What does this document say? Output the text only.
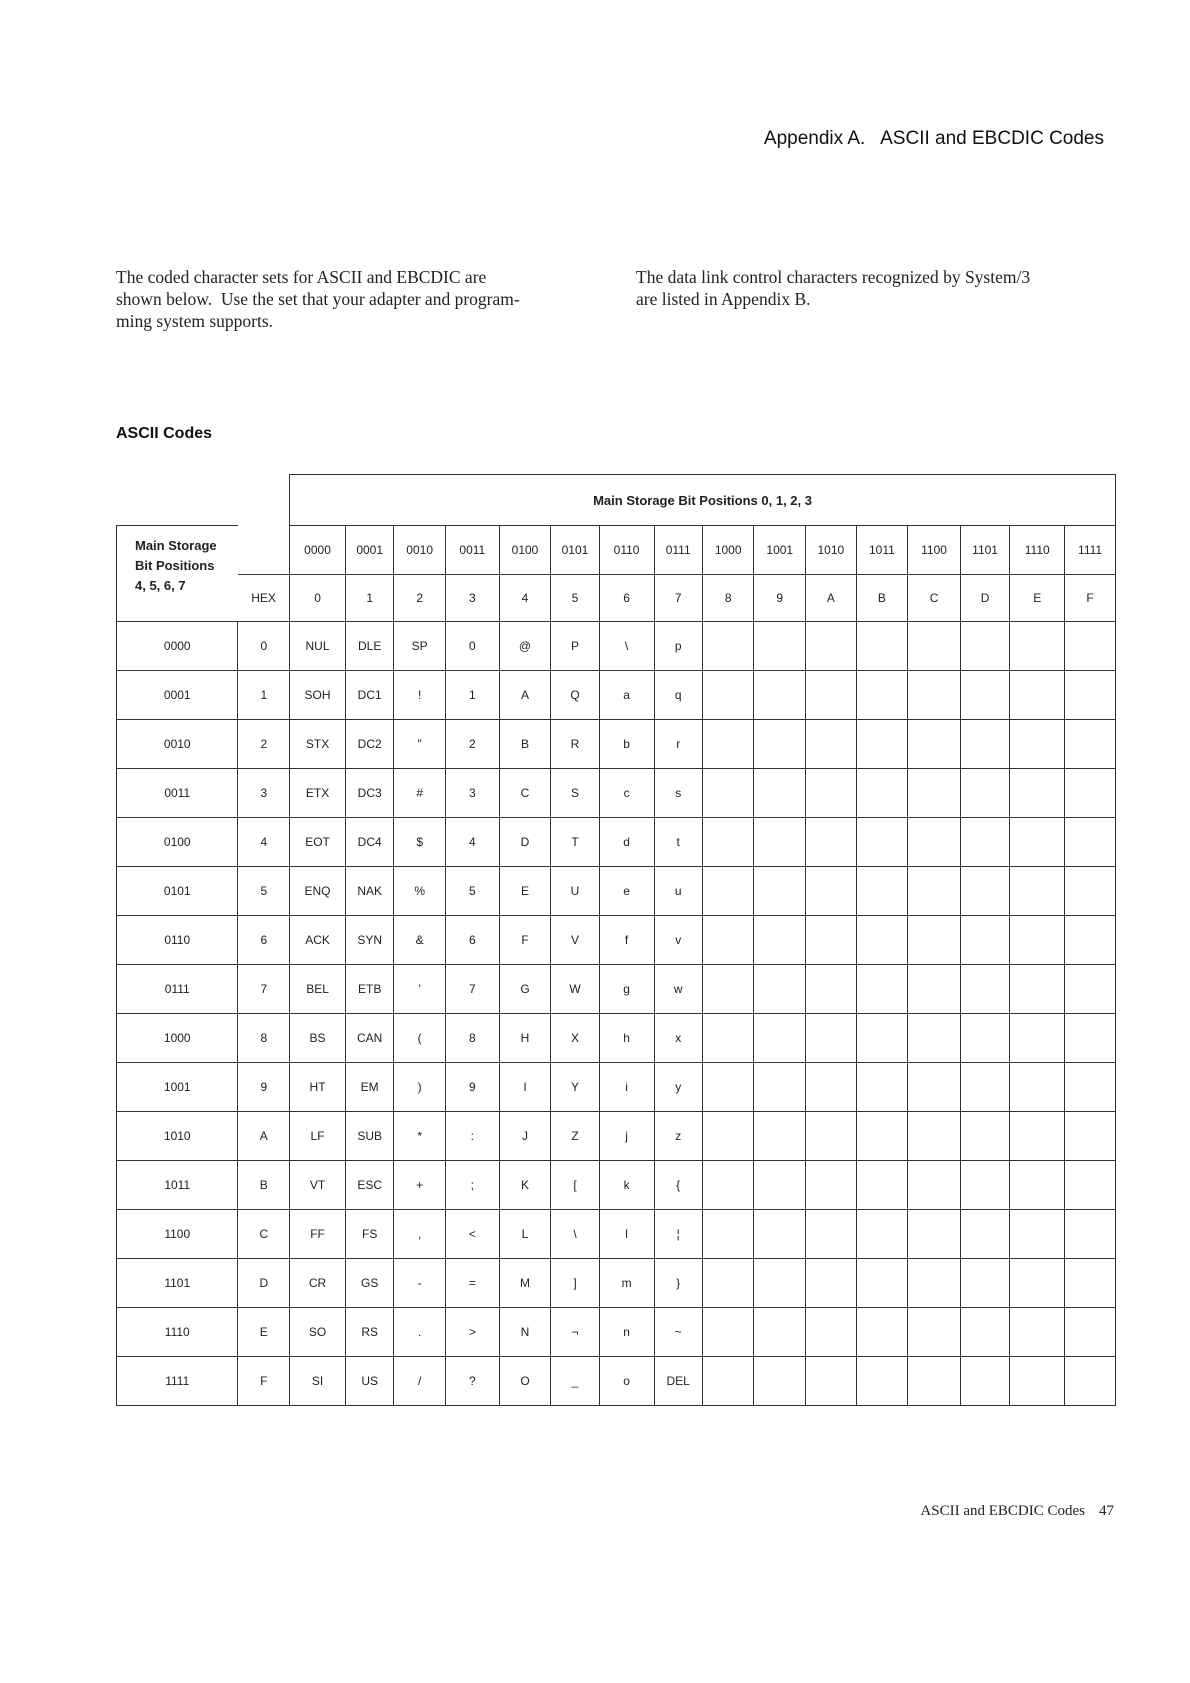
Appendix A.   ASCII and EBCDIC Codes
The coded character sets for ASCII and EBCDIC are
shown below.  Use the set that your adapter and program-
ming system supports.
The data link control characters recognized by System/3
are listed in Appendix B.
ASCII Codes
		Main Storage Bit Positions 0, 1, 2, 3															

Main Storage
Bit Positions
4, 5, 6, 7		0000	0001	0010	0011	0100	0101	0110	0111	1000	1001	1010	1011	1100	1101	1110	1111
	HEX	0	1	2	3	4	5	6	7	8	9	A	B	C	D	E	F
0000	0	NUL	DLE	SP	0	@	P	\	p								
0001	1	SOH	DC1	!	1	A	Q	a	q								
0010	2	STX	DC2	"	2	B	R	b	r								
0011	3	ETX	DC3	#	3	C	S	c	s								
0100	4	EOT	DC4	$	4	D	T	d	t								
0101	5	ENQ	NAK	%	5	E	U	e	u								
0110	6	ACK	SYN	&	6	F	V	f	v								
0111	7	BEL	ETB	'	7	G	W	g	w								
1000	8	BS	CAN	(	8	H	X	h	x								
1001	9	HT	EM	)	9	I	Y	i	y								
1010	A	LF	SUB	*	:	J	Z	j	z								
1011	B	VT	ESC	+	;	K	[	k	{								
1100	C	FF	FS	,	<	L	\	l	¦								
1101	D	CR	GS	-	=	M	]	m	}								
1110	E	SO	RS	.	>	N	¬	n	~								
1111	F	SI	US	/	?	O	_	o	DEL								
ASCII and EBCDIC Codes 47
